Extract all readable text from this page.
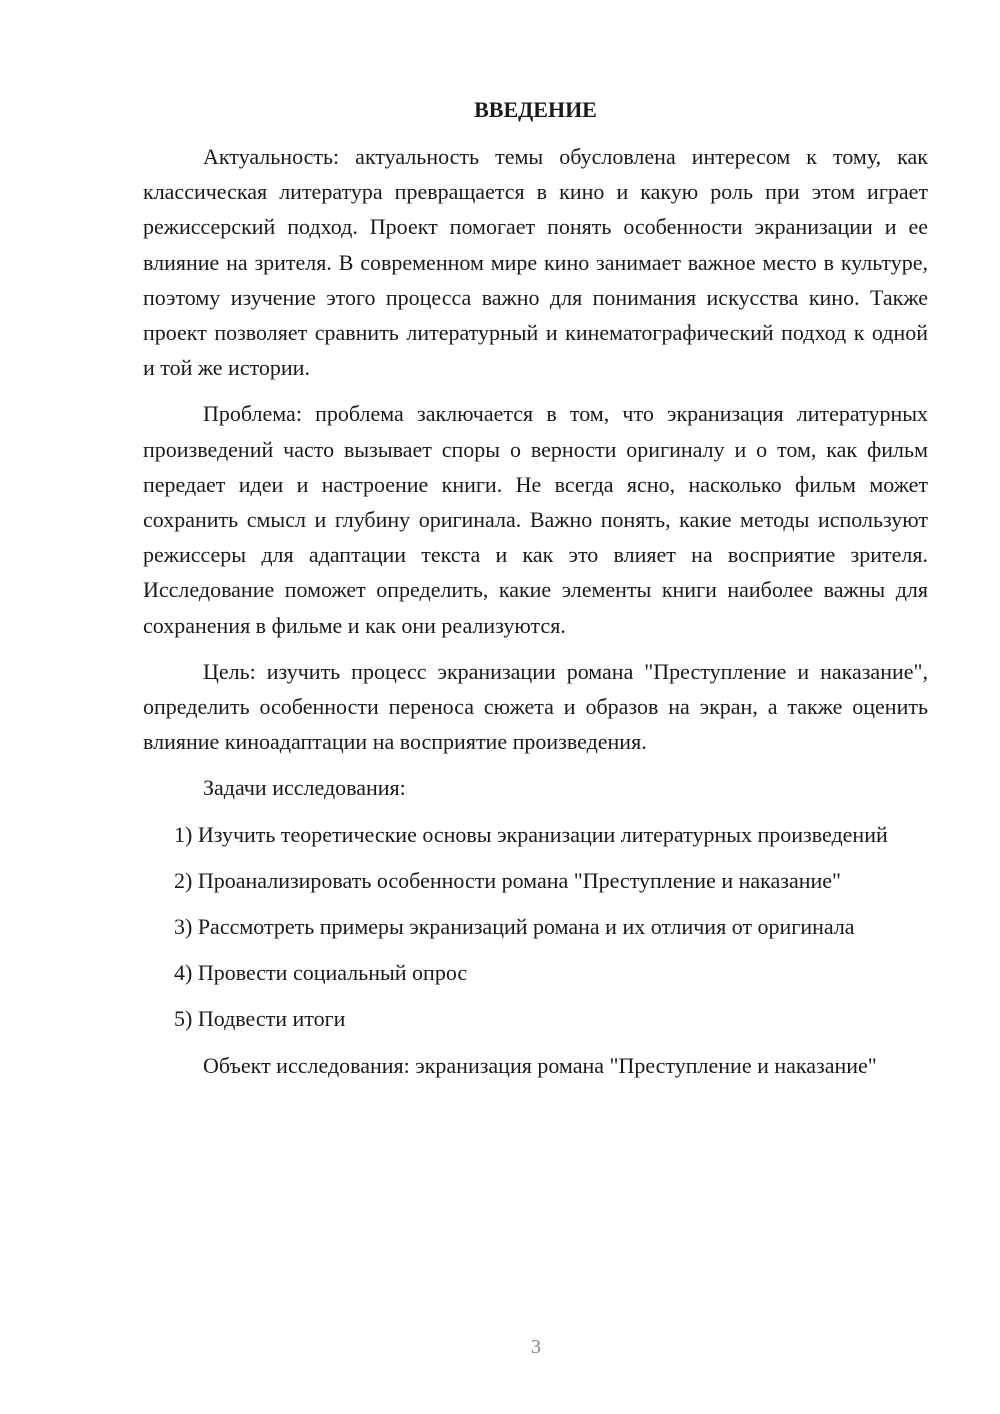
ВВЕДЕНИЕ

Актуальность: актуальность темы обусловлена интересом к тому, как классическая литература превращается в кино и какую роль при этом играет режиссерский подход. Проект помогает понять особенности экранизации и ее влияние на зрителя. В современном мире кино занимает важное место в культуре, поэтому изучение этого процесса важно для понимания искусства кино. Также проект позволяет сравнить литературный и кинематографический подход к одной и той же истории.

Проблема: проблема заключается в том, что экранизация литературных произведений часто вызывает споры о верности оригиналу и о том, как фильм передает идеи и настроение книги. Не всегда ясно, насколько фильм может сохранить смысл и глубину оригинала. Важно понять, какие методы используют режиссеры для адаптации текста и как это влияет на восприятие зрителя. Исследование поможет определить, какие элементы книги наиболее важны для сохранения в фильме и как они реализуются.

Цель: изучить процесс экранизации романа "Преступление и наказание", определить особенности переноса сюжета и образов на экран, а также оценить влияние киноадаптации на восприятие произведения.

Задачи исследования:

1) Изучить теоретические основы экранизации литературных произведений

2) Проанализировать особенности романа "Преступление и наказание"

3) Рассмотреть примеры экранизаций романа и их отличия от оригинала

4) Провести социальный опрос

5) Подвести итоги

Объект исследования: экранизация романа "Преступление и наказание"

3
